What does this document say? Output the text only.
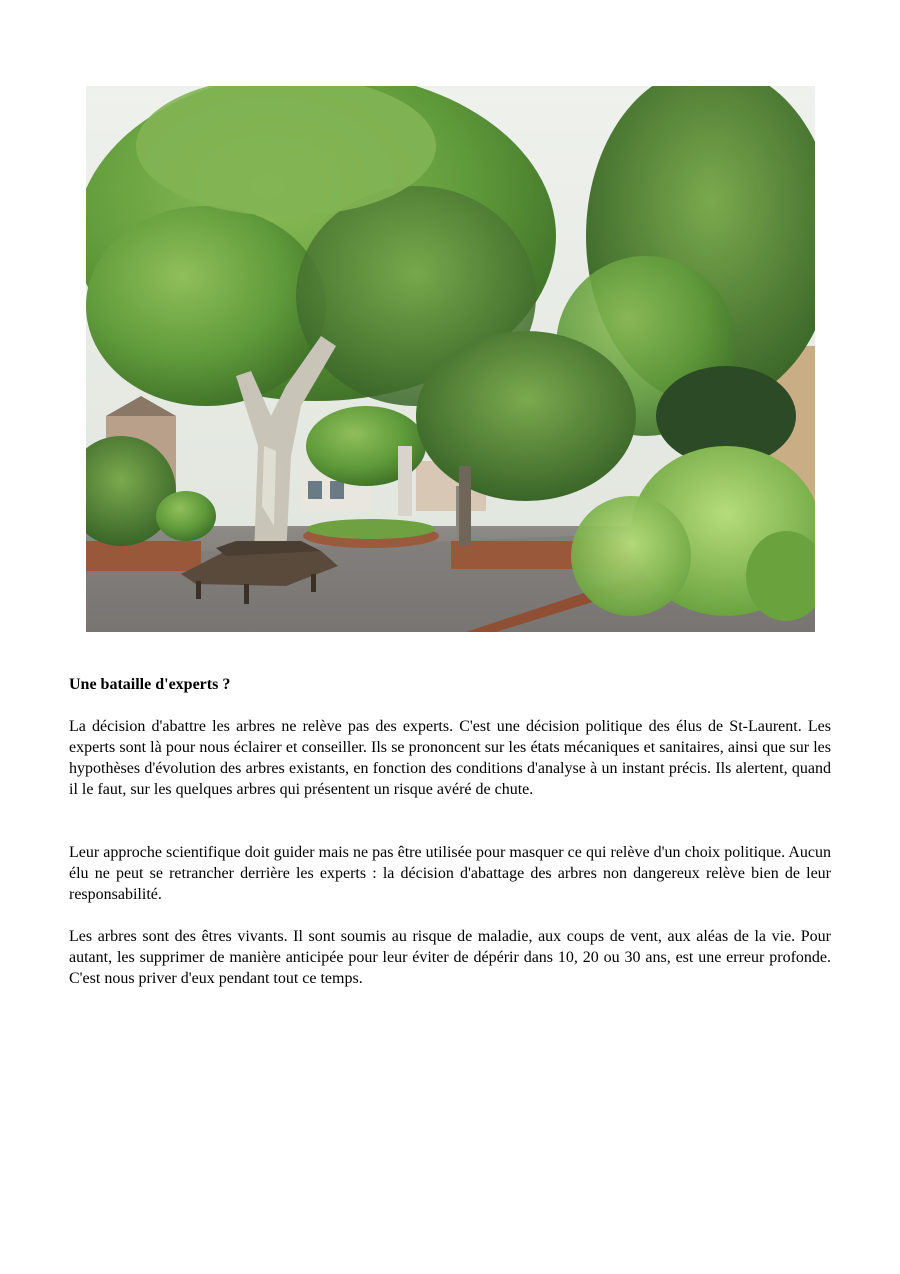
Une bataille d'experts ?

La décision d'abattre les arbres ne relève pas des experts. C'est une décision politique des élus de St-Laurent. Les experts sont là pour nous éclairer et conseiller. Ils se prononcent sur les états mécaniques et sanitaires, ainsi que sur les hypothèses d'évolution des arbres existants, en fonction des conditions d'analyse à un instant précis. Ils alertent, quand il le faut, sur les quelques arbres qui présentent un risque avéré de chute.

Leur approche scientifique doit guider mais ne pas être utilisée pour masquer ce qui relève d'un choix politique. Aucun élu ne peut se retrancher derrière les experts : la décision d'abattage des arbres non dangereux relève bien de leur responsabilité.

Les arbres sont des êtres vivants. Il sont soumis au risque de maladie, aux coups de vent, aux aléas de la vie. Pour autant, les supprimer de manière anticipée pour leur éviter de dépérir dans 10, 20 ou 30 ans, est une erreur profonde. C'est nous priver d'eux pendant tout ce temps.
